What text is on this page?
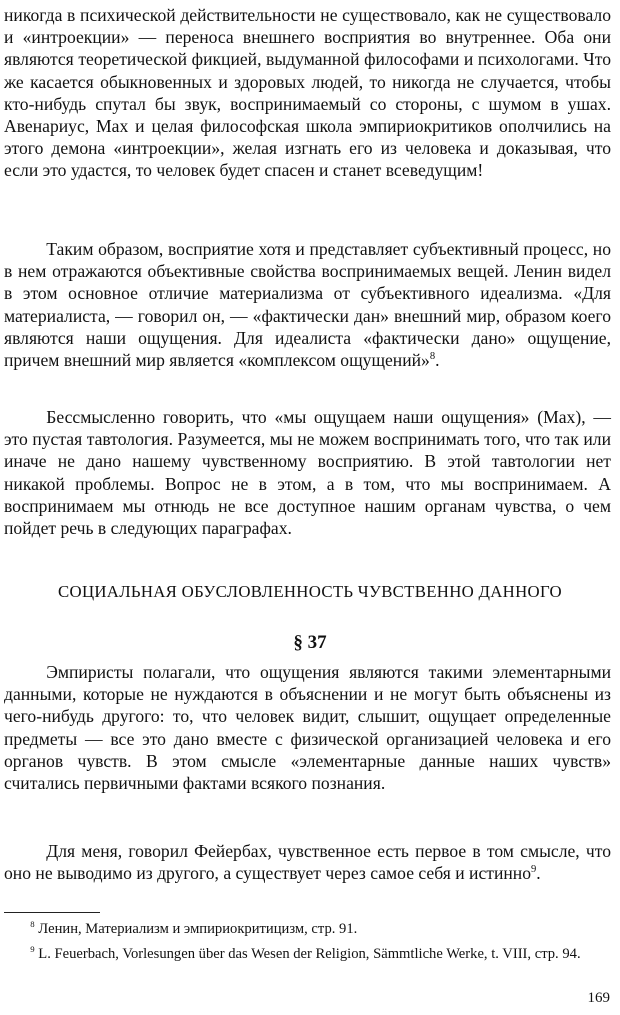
никогда в психической действительности не существовало, как не существовало и «интроекции» — переноса внешнего восприятия во внутреннее. Оба они являются теоретической фикцией, выдуманной философами и психологами. Что же касается обыкновенных и здоровых людей, то никогда не случается, чтобы кто-нибудь спутал бы звук, воспринимаемый со стороны, с шумом в ушах. Авенариус, Мах и целая философская школа эмпириокритиков ополчились на этого демона «интроекции», желая изгнать его из человека и доказывая, что если это удастся, то человек будет спасен и станет всеведущим!

Таким образом, восприятие хотя и представляет субъективный процесс, но в нем отражаются объективные свойства воспринимаемых вещей. Ленин видел в этом основное отличие материализма от субъективного идеализма. «Для материалиста, — говорил он, — «фактически дан» внешний мир, образом коего являются наши ощущения. Для идеалиста «фактически дано» ощущение, причем внешний мир является «комплексом ощущений»$^8$.

Бессмысленно говорить, что «мы ощущаем наши ощущения» (Мах), — это пустая тавтология. Разумеется, мы не можем воспринимать того, что так или иначе не дано нашему чувственному восприятию. В этой тавтологии нет никакой проблемы. Вопрос не в этом, а в том, что мы воспринимаем. А воспринимаем мы отнюдь не все доступное нашим органам чувства, о чем пойдет речь в следующих параграфах.

СОЦИАЛЬНАЯ ОБУСЛОВЛЕННОСТЬ ЧУВСТВЕННО ДАННОГО
§ 37

Эмпиристы полагали, что ощущения являются такими элементарными данными, которые не нуждаются в объяснении и не могут быть объяснены из чего-нибудь другого: то, что человек видит, слышит, ощущает определенные предметы — все это дано вместе с физической организацией человека и его органов чувств. В этом смысле «элементарные данные наших чувств» считались первичными фактами всякого познания.

Для меня, говорил Фейербах, чувственное есть первое в том смысле, что оно не выводимо из другого, а существует через самое себя и истинно$^9$.

$^8$ Ленин, Материализм и эмпириокритицизм, стр. 91.

$^9$ L. Feuerbach, Vorlesungen über das Wesen der Religion, Sämmtliche Werke, t. VIII, стр. 94.

169
